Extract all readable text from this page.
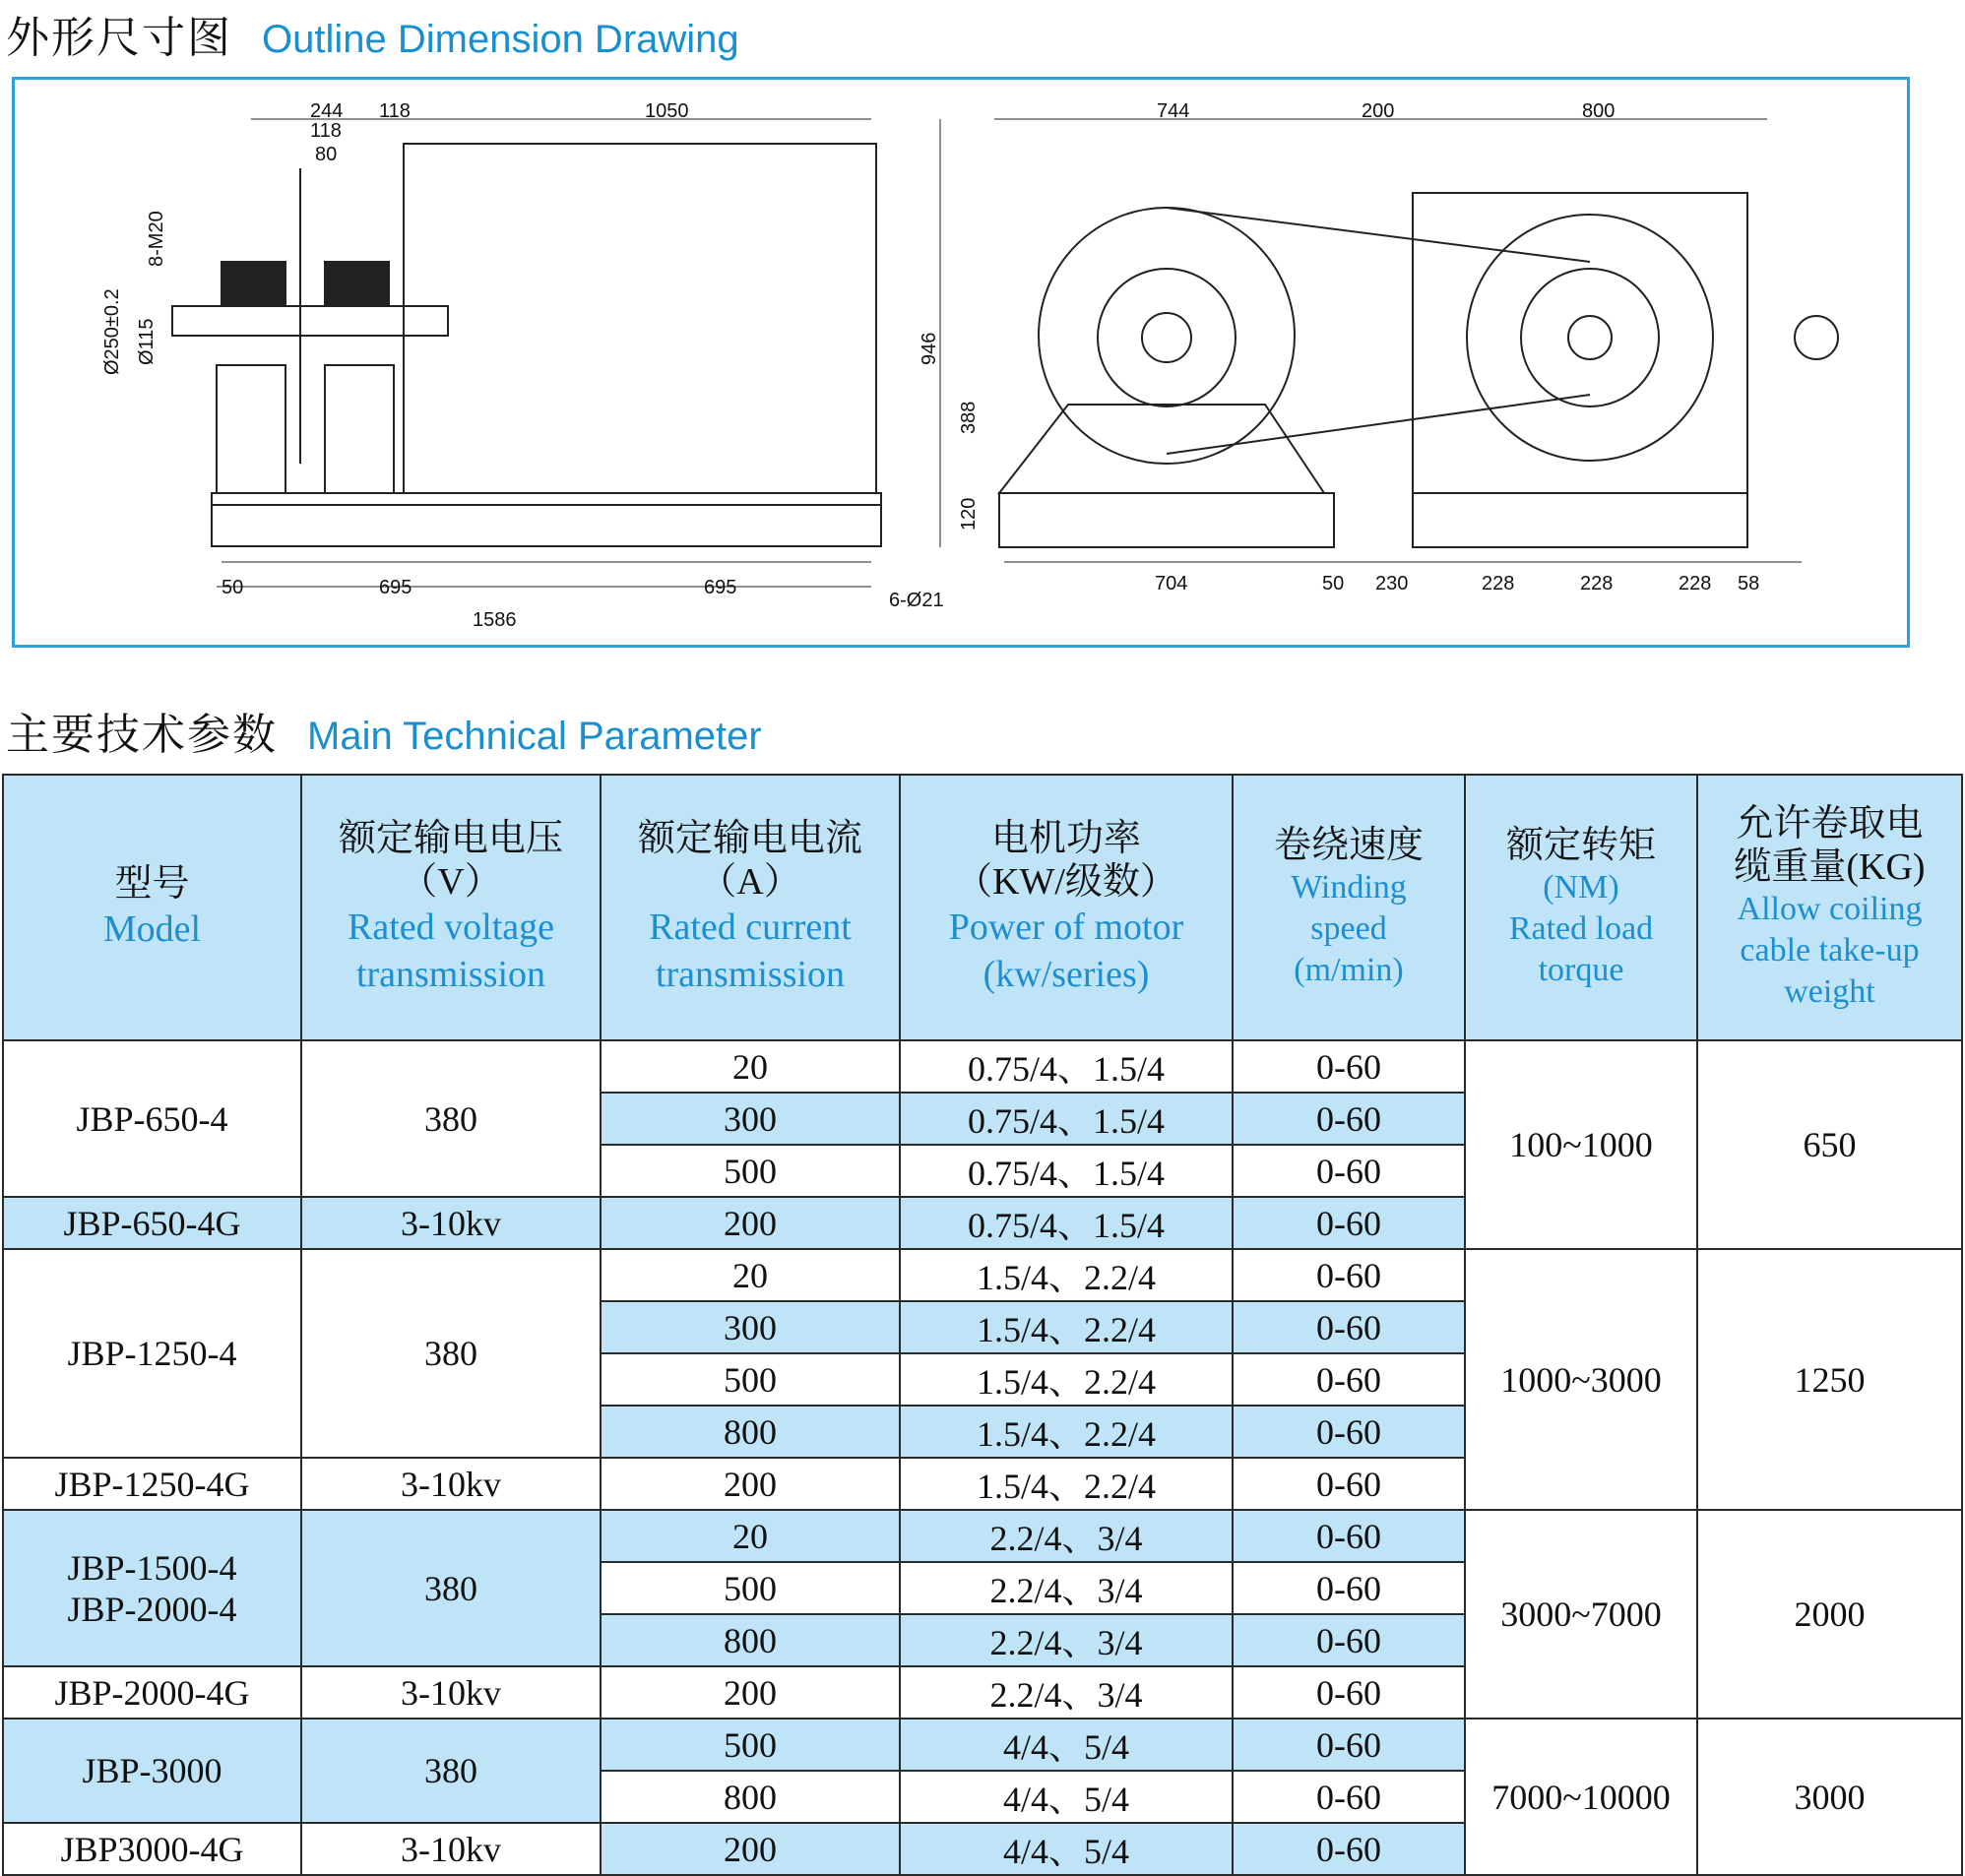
外形尺寸图 Outline Dimension Drawing
244 118
118
80
1050
8-M20
Ø250±0.2 Ø115
50	695	695
1586
6-Ø21
744	200	800
946
388
120
704	50 230	228	228	228 58
主要技术参数 Main Technical Parameter
型号
Model	额定输电电压
（V）
Rated voltage
transmission	额定输电电流
（A）
Rated current
transmission	电机功率
（KW/级数）
Power of motor
(kw/series)	卷绕速度
Winding
speed
(m/min)	额定转矩
(NM)
Rated load
torque	允许卷取电
缆重量(KG)
Allow coiling
cable take-up
weight

JBP-650-4	380	20	0.75/4、1.5/4	0-60	100~1000	650
		300	0.75/4、1.5/4	0-60		
		500	0.75/4、1.5/4	0-60		
JBP-650-4G	3-10kv	200	0.75/4、1.5/4	0-60		
JBP-1250-4	380	20	1.5/4、2.2/4	0-60	1000~3000	1250
		300	1.5/4、2.2/4	0-60		
		500	1.5/4、2.2/4	0-60		
		800	1.5/4、2.2/4	0-60		
JBP-1250-4G	3-10kv	200	1.5/4、2.2/4	0-60		

JBP-1500-4
JBP-2000-4	380	20	2.2/4、3/4	0-60	3000~7000	2000
		500	2.2/4、3/4	0-60		
		800	2.2/4、3/4	0-60		
JBP-2000-4G	3-10kv	200	2.2/4、3/4	0-60		
JBP-3000	380	500	4/4、5/4	0-60	7000~10000	3000
		800	4/4、5/4	0-60		
JBP3000-4G	3-10kv	200	4/4、5/4	0-60		
